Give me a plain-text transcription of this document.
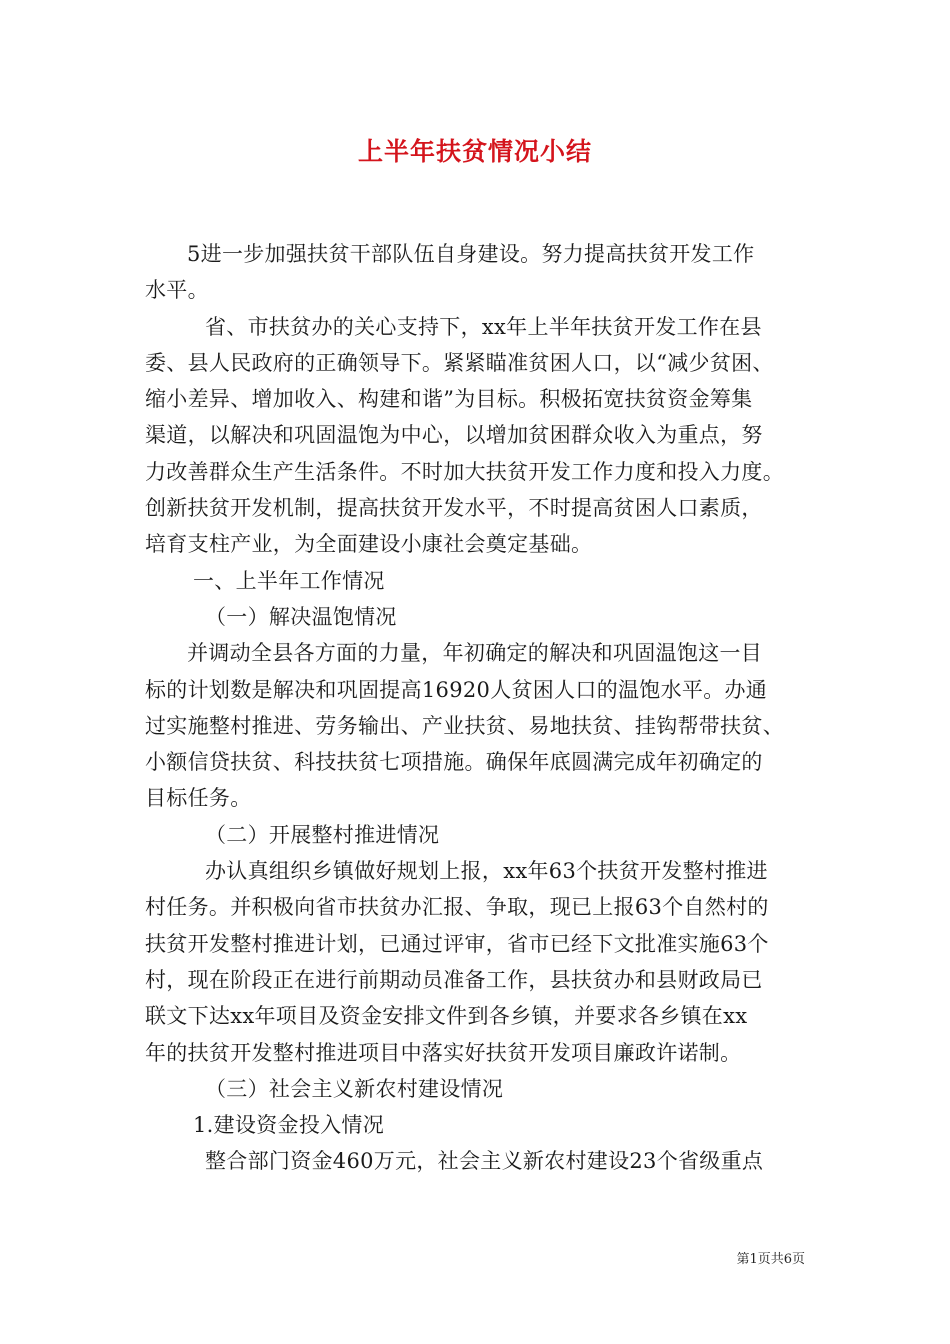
上半年扶贫情况小结
5进一步加强扶贫干部队伍自身建设。努力提高扶贫开发工作
水平。
省、市扶贫办的关心支持下，xx年上半年扶贫开发工作在县
委、县人民政府的正确领导下。紧紧瞄准贫困人口，以“减少贫困、
缩小差异、增加收入、构建和谐”为目标。积极拓宽扶贫资金筹集
渠道，以解决和巩固温饱为中心，以增加贫困群众收入为重点，努
力改善群众生产生活条件。不时加大扶贫开发工作力度和投入力度。
创新扶贫开发机制，提高扶贫开发水平，不时提高贫困人口素质，
培育支柱产业，为全面建设小康社会奠定基础。
一、上半年工作情况
（一）解决温饱情况
并调动全县各方面的力量，年初确定的解决和巩固温饱这一目
标的计划数是解决和巩固提高16920人贫困人口的温饱水平。办通
过实施整村推进、劳务输出、产业扶贫、易地扶贫、挂钩帮带扶贫、
小额信贷扶贫、科技扶贫七项措施。确保年底圆满完成年初确定的
目标任务。
（二）开展整村推进情况
办认真组织乡镇做好规划上报，xx年63个扶贫开发整村推进
村任务。并积极向省市扶贫办汇报、争取，现已上报63个自然村的
扶贫开发整村推进计划，已通过评审，省市已经下文批准实施63个
村，现在阶段正在进行前期动员准备工作，县扶贫办和县财政局已
联文下达xx年项目及资金安排文件到各乡镇，并要求各乡镇在xx
年的扶贫开发整村推进项目中落实好扶贫开发项目廉政许诺制。
（三）社会主义新农村建设情况
1.建设资金投入情况
整合部门资金460万元，社会主义新农村建设23个省级重点
第1页共6页
